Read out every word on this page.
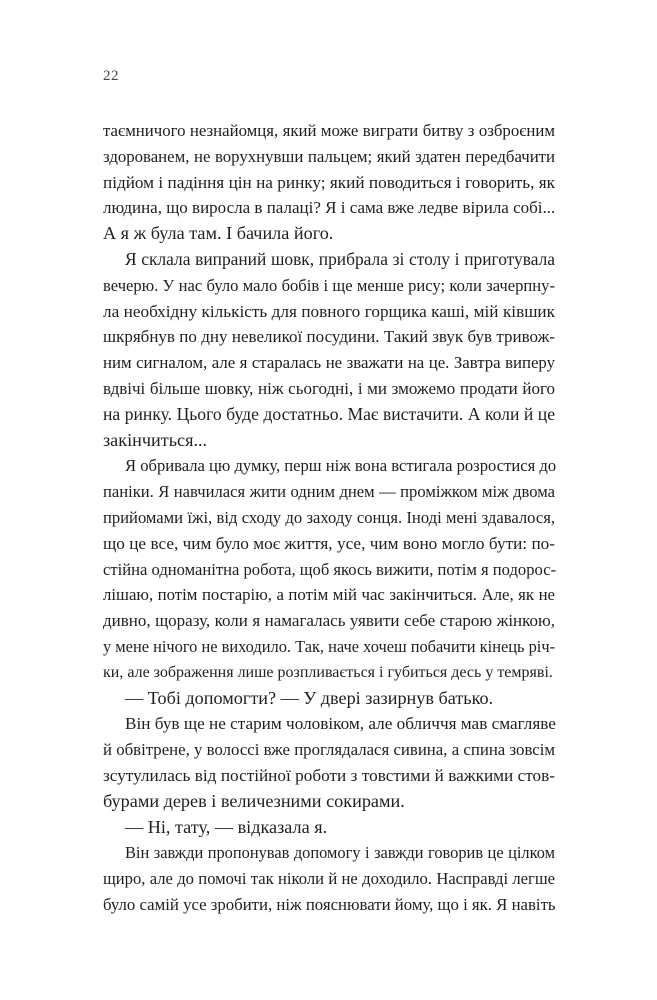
22
таємничого незнайомця, який може виграти битву з озброєним
здорованем, не ворухнувши пальцем; який здатен передбачити
підйом і падіння цін на ринку; який поводиться і говорить, як
людина, що виросла в палаці? Я і сама вже ледве вірила собі...
А я ж була там. І бачила його.
Я склала випраний шовк, прибрала зі столу і приготувала
вечерю. У нас було мало бобів і ще менше рису; коли зачерпну-
ла необхідну кількість для повного горщика каші, мій ківшик
шкрябнув по дну невеликої посудини. Такий звук був тривож-
ним сигналом, але я старалась не зважати на це. Завтра виперу
вдвічі більше шовку, ніж сьогодні, і ми зможемо продати його
на ринку. Цього буде достатньо. Має вистачити. А коли й це
закінчиться...
Я обривала цю думку, перш ніж вона встигала розростися до
паніки. Я навчилася жити одним днем — проміжком між двома
прийомами їжі, від сходу до заходу сонця. Іноді мені здавалося,
що це все, чим було моє життя, усе, чим воно могло бути: по-
стійна одноманітна робота, щоб якось вижити, потім я подорос-
лішаю, потім постарію, а потім мій час закінчиться. Але, як не
дивно, щоразу, коли я намагалась уявити себе старою жінкою,
у мене нічого не виходило. Так, наче хочеш побачити кінець річ-
ки, але зображення лише розпливається і губиться десь у темряві.
— Тобі допомогти? — У двері зазирнув батько.
Він був ще не старим чоловіком, але обличчя мав смагляве
й обвітрене, у волоссі вже проглядалася сивина, а спина зовсім
зсутулилась від постійної роботи з товстими й важкими стов-
бурами дерев і величезними сокирами.
— Ні, тату, — відказала я.
Він завжди пропонував допомогу і завжди говорив це цілком
щиро, але до помочі так ніколи й не доходило. Насправді легше
було самій усе зробити, ніж пояснювати йому, що і як. Я навіть
